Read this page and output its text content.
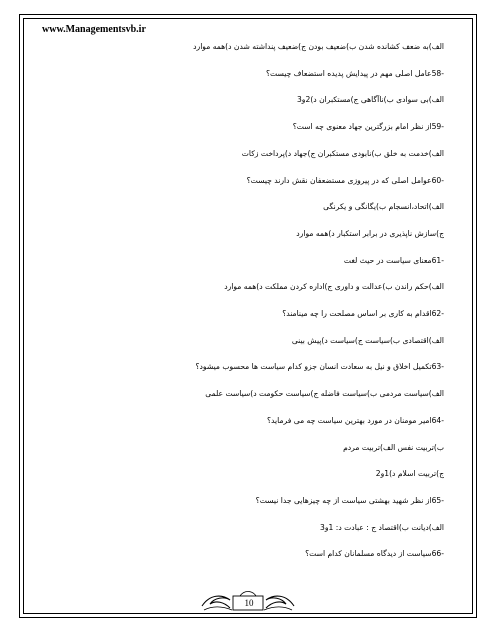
www.Managementsvb.ir
الف)به ضعف کشانده شدن ب)ضعیف بودن ج)ضعیف پنداشته شدن د)همه موارد
-58عامل اصلی مهم در پیدایش پدیده استضعاف چیست؟
الف)بی سوادی ب)ناآگاهی ج)مستکبران د)2و3
-59از نظر امام بزرگترین جهاد معنوی چه است؟
الف)خدمت به خلق ب)نابودی مستکبران ج)جهاد د)پرداخت زکات
-60عوامل اصلی که در پیروزی مستضعفان نقش دارند چیست؟
الف)اتحاد،انسجام ب)یگانگی و یکرنگی
ج)سازش ناپذیری در برابر استکبار د)همه موارد
-61معنای سیاست در حیث لغت
الف)حکم راندن ب)عدالت و داوری ج)اداره کردن مملکت د)همه موارد
-62اقدام به کاری بر اساس مصلحت را چه مینامند؟
الف)اقتصادی ب)سیاست ج)سیاست د)پیش بینی
-63تکمیل اخلاق و نیل به سعادت انسان جزو کدام سیاست ها محسوب میشود؟
الف)سیاست مردمی ب)سیاست فاضله ج)سیاست حکومت د)سیاست علمی
-64امیر مومنان در مورد بهترین سیاست چه می فرماید؟
ب)تربیت نفس الف)تربیت مردم
ج)تربیت اسلام د)1و2
-65از نظر شهید بهشتی سیاست از چه چیزهایی جدا نیست؟
الف)دیانت ب)اقتصاد ج : عبادت د: 1و3
-66سیاست از دیدگاه مسلمانان کدام است؟
10
